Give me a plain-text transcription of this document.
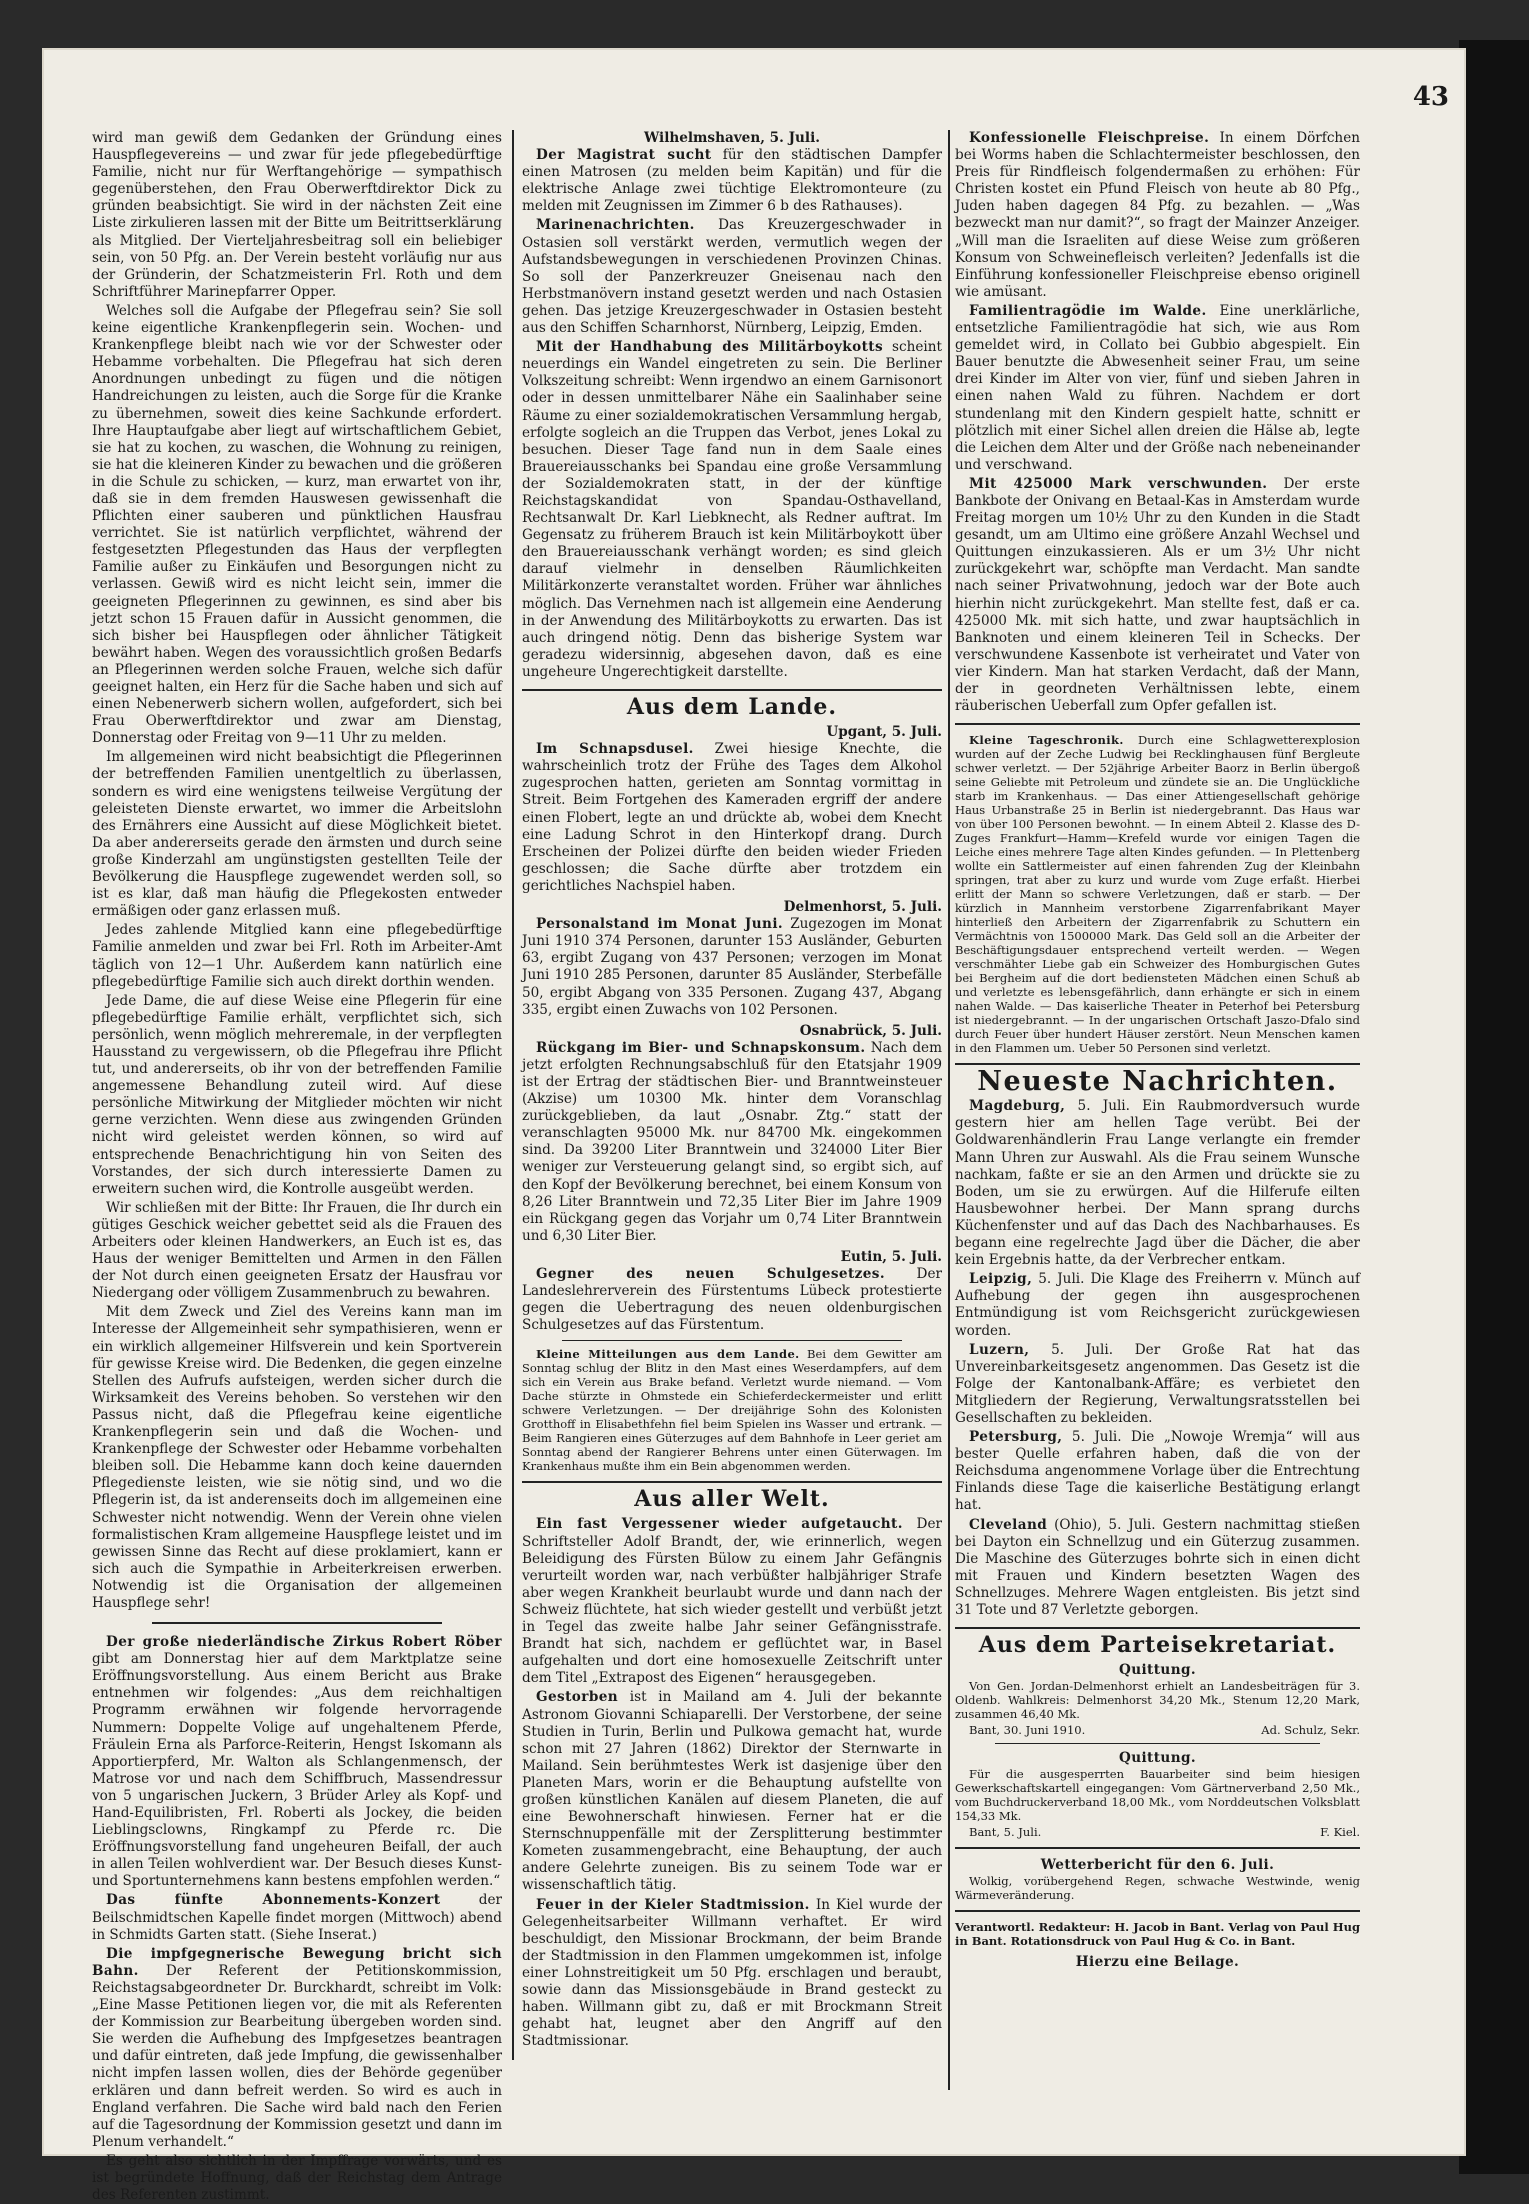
43

wird man gewiß dem Gedanken der Gründung eines Hauspflegevereins — und zwar für jede pflegebedürftige Familie, nicht nur für Werftangehörige — sympathisch gegenüberstehen, den Frau Oberwerftdirektor Dick zu gründen beabsichtigt. Sie wird in der nächsten Zeit eine Liste zirkulieren lassen mit der Bitte um Beitrittserklärung als Mitglied. Der Vierteljahresbeitrag soll ein beliebiger sein, von 50 Pfg. an. Der Verein besteht vorläufig nur aus der Gründerin, der Schatzmeisterin Frl. Roth und dem Schriftführer Marinepfarrer Opper.

Welches soll die Aufgabe der Pflegefrau sein? Sie soll keine eigentliche Krankenpflegerin sein. Wochen- und Krankenpflege bleibt nach wie vor der Schwester oder Hebamme vorbehalten. Die Pflegefrau hat sich deren Anordnungen unbedingt zu fügen und die nötigen Handreichungen zu leisten, auch die Sorge für die Kranke zu übernehmen, soweit dies keine Sachkunde erfordert. Ihre Hauptaufgabe aber liegt auf wirtschaftlichem Gebiet, sie hat zu kochen, zu waschen, die Wohnung zu reinigen, sie hat die kleineren Kinder zu bewachen und die größeren in die Schule zu schicken, — kurz, man erwartet von ihr, daß sie in dem fremden Hauswesen gewissenhaft die Pflichten einer sauberen und pünktlichen Hausfrau verrichtet. Sie ist natürlich verpflichtet, während der festgesetzten Pflegestunden das Haus der verpflegten Familie außer zu Einkäufen und Besorgungen nicht zu verlassen. Gewiß wird es nicht leicht sein, immer die geeigneten Pflegerinnen zu gewinnen, es sind aber bis jetzt schon 15 Frauen dafür in Aussicht genommen, die sich bisher bei Hauspflegen oder ähnlicher Tätigkeit bewährt haben. Wegen des voraussichtlich großen Bedarfs an Pflegerinnen werden solche Frauen, welche sich dafür geeignet halten, ein Herz für die Sache haben und sich auf einen Nebenerwerb sichern wollen, aufgefordert, sich bei Frau Oberwerftdirektor und zwar am Dienstag, Donnerstag oder Freitag von 9—11 Uhr zu melden.

Im allgemeinen wird nicht beabsichtigt die Pflegerinnen der betreffenden Familien unentgeltlich zu überlassen, sondern es wird eine wenigstens teilweise Vergütung der geleisteten Dienste erwartet, wo immer die Arbeitslohn des Ernährers eine Aussicht auf diese Möglichkeit bietet. Da aber andererseits gerade den ärmsten und durch seine große Kinderzahl am ungünstigsten gestellten Teile der Bevölkerung die Hauspflege zugewendet werden soll, so ist es klar, daß man häufig die Pflegekosten entweder ermäßigen oder ganz erlassen muß.

Jedes zahlende Mitglied kann eine pflegebedürftige Familie anmelden und zwar bei Frl. Roth im Arbeiter-Amt täglich von 12—1 Uhr. Außerdem kann natürlich eine pflegebedürftige Familie sich auch direkt dorthin wenden.

Jede Dame, die auf diese Weise eine Pflegerin für eine pflegebedürftige Familie erhält, verpflichtet sich, sich persönlich, wenn möglich mehreremale, in der verpflegten Hausstand zu vergewissern, ob die Pflegefrau ihre Pflicht tut, und andererseits, ob ihr von der betreffenden Familie angemessene Behandlung zuteil wird. Auf diese persönliche Mitwirkung der Mitglieder möchten wir nicht gerne verzichten. Wenn diese aus zwingenden Gründen nicht wird geleistet werden können, so wird auf entsprechende Benachrichtigung hin von Seiten des Vorstandes, der sich durch interessierte Damen zu erweitern suchen wird, die Kontrolle ausgeübt werden.

Wir schließen mit der Bitte: Ihr Frauen, die Ihr durch ein gütiges Geschick weicher gebettet seid als die Frauen des Arbeiters oder kleinen Handwerkers, an Euch ist es, das Haus der weniger Bemittelten und Armen in den Fällen der Not durch einen geeigneten Ersatz der Hausfrau vor Niedergang oder völligem Zusammenbruch zu bewahren.

Mit dem Zweck und Ziel des Vereins kann man im Interesse der Allgemeinheit sehr sympathisieren, wenn er ein wirklich allgemeiner Hilfsverein und kein Sportverein für gewisse Kreise wird. Die Bedenken, die gegen einzelne Stellen des Aufrufs aufsteigen, werden sicher durch die Wirksamkeit des Vereins behoben. So verstehen wir den Passus nicht, daß die Pflegefrau keine eigentliche Krankenpflegerin sein und daß die Wochen- und Krankenpflege der Schwester oder Hebamme vorbehalten bleiben soll. Die Hebamme kann doch keine dauernden Pflegedienste leisten, wie sie nötig sind, und wo die Pflegerin ist, da ist anderenseits doch im allgemeinen eine Schwester nicht notwendig. Wenn der Verein ohne vielen formalistischen Kram allgemeine Hauspflege leistet und im gewissen Sinne das Recht auf diese proklamiert, kann er sich auch die Sympathie in Arbeiterkreisen erwerben. Notwendig ist die Organisation der allgemeinen Hauspflege sehr!

Der große niederländische Zirkus Robert Röber gibt am Donnerstag hier auf dem Marktplatze seine Eröffnungsvorstellung. Aus einem Bericht aus Brake entnehmen wir folgendes: „Aus dem reichhaltigen Programm erwähnen wir folgende hervorragende Nummern: Doppelte Volige auf ungehaltenem Pferde, Fräulein Erna als Parforce-Reiterin, Hengst Iskomann als Apportierpferd, Mr. Walton als Schlangenmensch, der Matrose vor und nach dem Schiffbruch, Massendressur von 5 ungarischen Juckern, 3 Brüder Arley als Kopf- und Hand-Equilibristen, Frl. Roberti als Jockey, die beiden Lieblingsclowns, Ringkampf zu Pferde rc. Die Eröffnungsvorstellung fand ungeheuren Beifall, der auch in allen Teilen wohlverdient war. Der Besuch dieses Kunst- und Sportunternehmens kann bestens empfohlen werden.“

Das fünfte Abonnements-Konzert	der Beilschmidtschen Kapelle findet morgen (Mittwoch) abend in Schmidts Garten statt. (Siehe Inserat.)

Die impfgegnerische Bewegung bricht sich Bahn. Der Referent der Petitionskommission, Reichstagsabgeordneter Dr. Burckhardt, schreibt im Volk: „Eine Masse Petitionen liegen vor, die mit als Referenten der Kommission zur Bearbeitung übergeben worden sind. Sie werden die Aufhebung des Impfgesetzes beantragen und dafür eintreten, daß jede Impfung, die gewissenhalber nicht impfen lassen wollen, dies der Behörde gegenüber erklären und dann befreit werden. So wird es auch in England verfahren. Die Sache wird bald nach den Ferien auf die Tagesordnung der Kommission gesetzt und dann im Plenum verhandelt.“

Es geht also sichtlich in der Impffrage vorwärts, und es ist begründete Hoffnung, daß der Reichstag dem Antrage des Referenten zustimmt.

Wilhelmshaven, 5. Juli.

Der Magistrat sucht für den städtischen Dampfer einen Matrosen (zu melden beim Kapitän) und für die elektrische Anlage zwei tüchtige Elektromonteure (zu melden mit Zeugnissen im Zimmer 6 b des Rathauses).

Marinenachrichten. Das Kreuzergeschwader in Ostasien soll verstärkt werden, vermutlich wegen der Aufstandsbewegungen in verschiedenen Provinzen Chinas. So soll der Panzerkreuzer Gneisenau nach den Herbstmanövern instand gesetzt werden und nach Ostasien gehen. Das jetzige Kreuzergeschwader in Ostasien besteht aus den Schiffen Scharnhorst, Nürnberg, Leipzig, Emden.

Mit der Handhabung des Militärboykotts scheint neuerdings ein Wandel eingetreten zu sein. Die Berliner Volkszeitung schreibt: Wenn irgendwo an einem Garnisonort oder in dessen unmittelbarer Nähe ein Saalinhaber seine Räume zu einer sozialdemokratischen Versammlung hergab, erfolgte sogleich an die Truppen das Verbot, jenes Lokal zu besuchen. Dieser Tage fand nun in dem Saale eines Brauereiausschanks bei Spandau eine große Versammlung der Sozialdemokraten statt, in der der künftige Reichstagskandidat von Spandau-Osthavelland, Rechtsanwalt Dr. Karl Liebknecht, als Redner auftrat. Im Gegensatz zu früherem Brauch ist kein Militärboykott über den Brauereiausschank verhängt worden; es sind gleich darauf vielmehr in denselben Räumlichkeiten Militärkonzerte veranstaltet worden. Früher war ähnliches möglich. Das Vernehmen nach ist allgemein eine Aenderung in der Anwendung des Militärboykotts zu erwarten. Das ist auch dringend nötig. Denn das bisherige System war geradezu widersinnig, abgesehen davon, daß es eine ungeheure Ungerechtigkeit darstellte.

Aus dem Lande.
Upgant, 5. Juli.

Im Schnapsdusel. Zwei hiesige Knechte, die wahrscheinlich trotz der Frühe des Tages dem Alkohol zugesprochen hatten, gerieten am Sonntag vormittag in Streit. Beim Fortgehen des Kameraden ergriff der andere einen Flobert, legte an und drückte ab, wobei dem Knecht eine Ladung Schrot in den Hinterkopf drang. Durch Erscheinen der Polizei dürfte den beiden wieder Frieden geschlossen; die Sache dürfte aber trotzdem ein gerichtliches Nachspiel haben.

Delmenhorst, 5. Juli.

Personalstand im Monat Juni. Zugezogen im Monat Juni 1910 374 Personen, darunter 153 Ausländer, Geburten 63, ergibt Zugang von 437 Personen; verzogen im Monat Juni 1910 285 Personen, darunter 85 Ausländer, Sterbefälle 50, ergibt Abgang von 335 Personen. Zugang 437, Abgang 335, ergibt einen Zuwachs von 102 Personen.

Osnabrück, 5. Juli.

Rückgang im Bier- und Schnapskonsum. Nach dem jetzt erfolgten Rechnungsabschluß für den Etatsjahr 1909 ist der Ertrag der städtischen Bier- und Branntweinsteuer (Akzise) um 10300 Mk. hinter dem Voranschlag zurückgeblieben, da laut „Osnabr. Ztg.“ statt der veranschlagten 95000 Mk. nur 84700 Mk. eingekommen sind. Da 39200 Liter Branntwein und 324000 Liter Bier weniger zur Versteuerung gelangt sind, so ergibt sich, auf den Kopf der Bevölkerung berechnet, bei einem Konsum von 8,26 Liter Branntwein und 72,35 Liter Bier im Jahre 1909 ein Rückgang gegen das Vorjahr um 0,74 Liter Branntwein und 6,30 Liter Bier.

Eutin, 5. Juli.

Gegner des neuen Schulgesetzes. Der Landeslehrerverein des Fürstentums Lübeck protestierte gegen die Uebertragung des neuen oldenburgischen Schulgesetzes auf das Fürstentum.

Kleine Mitteilungen aus dem Lande. Bei dem Gewitter am Sonntag schlug der Blitz in den Mast eines Weserdampfers, auf dem sich ein Verein aus Brake befand. Verletzt wurde niemand. — Vom Dache stürzte in Ohmstede ein Schieferdeckermeister und erlitt schwere Verletzungen. — Der dreijährige Sohn des Kolonisten Grotthoff in Elisabethfehn fiel beim Spielen ins Wasser und ertrank. — Beim Rangieren eines Güterzuges auf dem Bahnhofe in Leer geriet am Sonntag abend der Rangierer Behrens unter einen Güterwagen. Im Krankenhaus mußte ihm ein Bein abgenommen werden.

Aus aller Welt.

Ein fast Vergessener wieder aufgetaucht. Der Schriftsteller Adolf Brandt, der, wie erinnerlich, wegen Beleidigung des Fürsten Bülow zu einem Jahr Gefängnis verurteilt worden war, nach verbüßter halbjähriger Strafe aber wegen Krankheit beurlaubt wurde und dann nach der Schweiz flüchtete, hat sich wieder gestellt und verbüßt jetzt in Tegel das zweite halbe Jahr seiner Gefängnisstrafe. Brandt hat sich, nachdem er geflüchtet war, in Basel aufgehalten und dort eine homosexuelle Zeitschrift unter dem Titel „Extrapost des Eigenen“ herausgegeben.

Gestorben ist in Mailand am 4. Juli der bekannte Astronom Giovanni Schiaparelli. Der Verstorbene, der seine Studien in Turin, Berlin und Pulkowa gemacht hat, wurde schon mit 27 Jahren (1862) Direktor der Sternwarte in Mailand. Sein berühmtestes Werk ist dasjenige über den Planeten Mars, worin er die Behauptung aufstellte von großen künstlichen Kanälen auf diesem Planeten, die auf eine Bewohnerschaft hinwiesen. Ferner hat er die Sternschnuppenfälle mit der Zersplitterung bestimmter Kometen zusammengebracht, eine Behauptung, der auch andere Gelehrte zuneigen. Bis zu seinem Tode war er wissenschaftlich tätig.

Feuer in der Kieler Stadtmission. In Kiel wurde der Gelegenheitsarbeiter Willmann verhaftet. Er wird beschuldigt, den Missionar Brockmann, der beim Brande der Stadtmission in den Flammen umgekommen ist, infolge einer Lohnstreitigkeit um 50 Pfg. erschlagen und beraubt, sowie dann das Missionsgebäude in Brand gesteckt zu haben. Willmann gibt zu, daß er mit Brockmann Streit gehabt hat, leugnet aber den Angriff auf den Stadtmissionar.

Konfessionelle Fleischpreise. In einem Dörfchen bei Worms haben die Schlachtermeister beschlossen, den Preis für Rindfleisch folgendermaßen zu erhöhen: Für Christen kostet ein Pfund Fleisch von heute ab 80 Pfg., Juden haben dagegen 84 Pfg. zu bezahlen. — „Was bezweckt man nur damit?“, so fragt der Mainzer Anzeiger. „Will man die Israeliten auf diese Weise zum größeren Konsum von Schweinefleisch verleiten? Jedenfalls ist die Einführung konfessioneller Fleischpreise ebenso originell wie amüsant.

Familientragödie im Walde. Eine unerklärliche, entsetzliche Familientragödie hat sich, wie aus Rom gemeldet wird, in Collato bei Gubbio abgespielt. Ein Bauer benutzte die Abwesenheit seiner Frau, um seine drei Kinder im Alter von vier, fünf und sieben Jahren in einen nahen Wald zu führen. Nachdem er dort stundenlang mit den Kindern gespielt hatte, schnitt er plötzlich mit einer Sichel allen dreien die Hälse ab, legte die Leichen dem Alter und der Größe nach nebeneinander und verschwand.

Mit 425000 Mark verschwunden. Der erste Bankbote der Onivang en Betaal-Kas in Amsterdam wurde Freitag morgen um 10½ Uhr zu den Kunden in die Stadt gesandt, um am Ultimo eine größere Anzahl Wechsel und Quittungen einzukassieren. Als er um 3½ Uhr nicht zurückgekehrt war, schöpfte man Verdacht. Man sandte nach seiner Privatwohnung, jedoch war der Bote auch hierhin nicht zurückgekehrt. Man stellte fest, daß er ca. 425000 Mk. mit sich hatte, und zwar hauptsächlich in Banknoten und einem kleineren Teil in Schecks. Der verschwundene Kassenbote ist verheiratet und Vater von vier Kindern. Man hat starken Verdacht, daß der Mann, der in geordneten Verhältnissen lebte, einem räuberischen Ueberfall zum Opfer gefallen ist.

Kleine Tageschronik. Durch eine Schlagwetterexplosion wurden auf der Zeche Ludwig bei Recklinghausen fünf Bergleute schwer verletzt. — Der 52jährige Arbeiter Baorz in Berlin übergoß seine Geliebte mit Petroleum und zündete sie an. Die Unglückliche starb im Krankenhaus. — Das einer Attiengesellschaft gehörige Haus Urbanstraße 25 in Berlin ist niedergebrannt. Das Haus war von über 100 Personen bewohnt. — In einem Abteil 2. Klasse des D-Zuges Frankfurt—Hamm—Krefeld wurde vor einigen Tagen die Leiche eines mehrere Tage alten Kindes gefunden. — In Plettenberg wollte ein Sattlermeister auf einen fahrenden Zug der Kleinbahn springen, trat aber zu kurz und wurde vom Zuge erfaßt. Hierbei erlitt der Mann so schwere Verletzungen, daß er starb. — Der kürzlich in Mannheim verstorbene Zigarrenfabrikant Mayer hinterließ den Arbeitern der Zigarrenfabrik zu Schuttern ein Vermächtnis von 1500000 Mark. Das Geld soll an die Arbeiter der Beschäftigungsdauer entsprechend verteilt werden. — Wegen verschmähter Liebe gab ein Schweizer des Homburgischen Gutes bei Bergheim auf die dort bediensteten Mädchen einen Schuß ab und verletzte es lebensgefährlich, dann erhängte er sich in einem nahen Walde. — Das kaiserliche Theater in Peterhof bei Petersburg ist niedergebrannt. — In der ungarischen Ortschaft Jaszo-Dfalo sind durch Feuer über hundert Häuser zerstört. Neun Menschen kamen in den Flammen um. Ueber 50 Personen sind verletzt.

Neueste Nachrichten.

Magdeburg, 5. Juli. Ein Raubmordversuch wurde gestern hier am hellen Tage verübt. Bei der Goldwarenhändlerin Frau Lange verlangte ein fremder Mann Uhren zur Auswahl. Als die Frau seinem Wunsche nachkam, faßte er sie an den Armen und drückte sie zu Boden, um sie zu erwürgen. Auf die Hilferufe eilten Hausbewohner herbei. Der Mann sprang durchs Küchenfenster und auf das Dach des Nachbarhauses. Es begann eine regelrechte Jagd über die Dächer, die aber kein Ergebnis hatte, da der Verbrecher entkam.

Leipzig, 5. Juli. Die Klage des Freiherrn v. Münch auf Aufhebung der gegen ihn ausgesprochenen Entmündigung ist vom Reichsgericht zurückgewiesen worden.

Luzern, 5. Juli. Der Große Rat hat das Unvereinbarkeitsgesetz angenommen. Das Gesetz ist die Folge der Kantonalbank-Affäre; es verbietet den Mitgliedern der Regierung, Verwaltungsratsstellen bei Gesellschaften zu bekleiden.

Petersburg, 5. Juli. Die „Nowoje Wremja“ will aus bester Quelle erfahren haben, daß die von der Reichsduma angenommene Vorlage über die Entrechtung Finlands diese Tage die kaiserliche Bestätigung erlangt hat.

Cleveland (Ohio), 5. Juli. Gestern nachmittag stießen bei Dayton ein Schnellzug und ein Güterzug zusammen. Die Maschine des Güterzuges bohrte sich in einen dicht mit Frauen und Kindern besetzten Wagen des Schnellzuges. Mehrere Wagen entgleisten. Bis jetzt sind 31 Tote und 87 Verletzte geborgen.

Aus dem Parteisekretariat.
Quittung.

Von Gen. Jordan-Delmenhorst erhielt an Landesbeiträgen für 3. Oldenb. Wahlkreis: Delmenhorst 34,20 Mk., Stenum 12,20 Mark, zusammen 46,40 Mk.

Bant, 30. Juni 1910.	Ad. Schulz, Sekr.

Quittung.

Für die ausgesperrten Bauarbeiter sind beim hiesigen Gewerkschaftskartell eingegangen: Vom Gärtnerverband 2,50 Mk., vom Buchdruckerverband 18,00 Mk., vom Norddeutschen Volksblatt 154,33 Mk.

Bant, 5. Juli.	F. Kiel.

Wetterbericht für den 6. Juli.

Wolkig, vorübergehend Regen, schwache Westwinde, wenig Wärmeveränderung.

Verantwortl. Redakteur: H. Jacob in Bant. Verlag von Paul Hug in Bant. Rotationsdruck von Paul Hug & Co. in Bant.
Hierzu eine Beilage.
